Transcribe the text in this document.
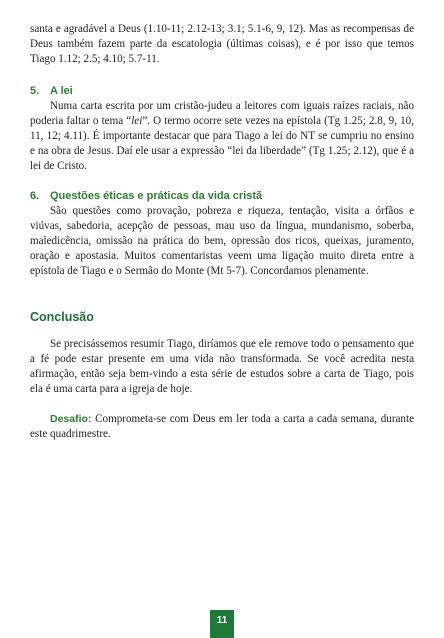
santa e agradável a Deus (1.10-11; 2.12-13; 3.1; 5.1-6, 9, 12). Mas as recompensas de Deus também fazem parte da escatologia (últimas coisas), e é por isso que temos Tiago 1.12; 2.5; 4.10; 5.7-11.

5. A lei

Numa carta escrita por um cristão-judeu a leitores com iguais raízes raciais, não poderia faltar o tema “lei”. O termo ocorre sete vezes na epístola (Tg 1.25; 2.8, 9, 10, 11, 12; 4.11). É importante destacar que para Tiago a lei do NT se cumpriu no ensino e na obra de Jesus. Daí ele usar a expressão “lei da liberdade” (Tg 1.25; 2.12), que é a lei de Cristo.

6. Questões éticas e práticas da vida cristã

São questões como provação, pobreza e riqueza, tentação, visita a órfãos e viúvas, sabedoria, acepção de pessoas, mau uso da língua, mundanismo, soberba, maledicência, omissão na prática do bem, opressão dos ricos, queixas, juramento, oração e apostasia. Muitos comentaristas veem uma ligação muito direta entre a epístola de Tiago e o Sermão do Monte (Mt 5-7). Concordamos plenamente.

Conclusão

Se precisássemos resumir Tiago, diríamos que ele remove todo o pensamento que a fé pode estar presente em uma vida não transformada. Se você acredita nesta afirmação, então seja bem-vindo a esta série de estudos sobre a carta de Tiago, pois ela é uma carta para a igreja de hoje.

Desafio: Comprometa-se com Deus em ler toda a carta a cada semana, durante este quadrimestre.

11
